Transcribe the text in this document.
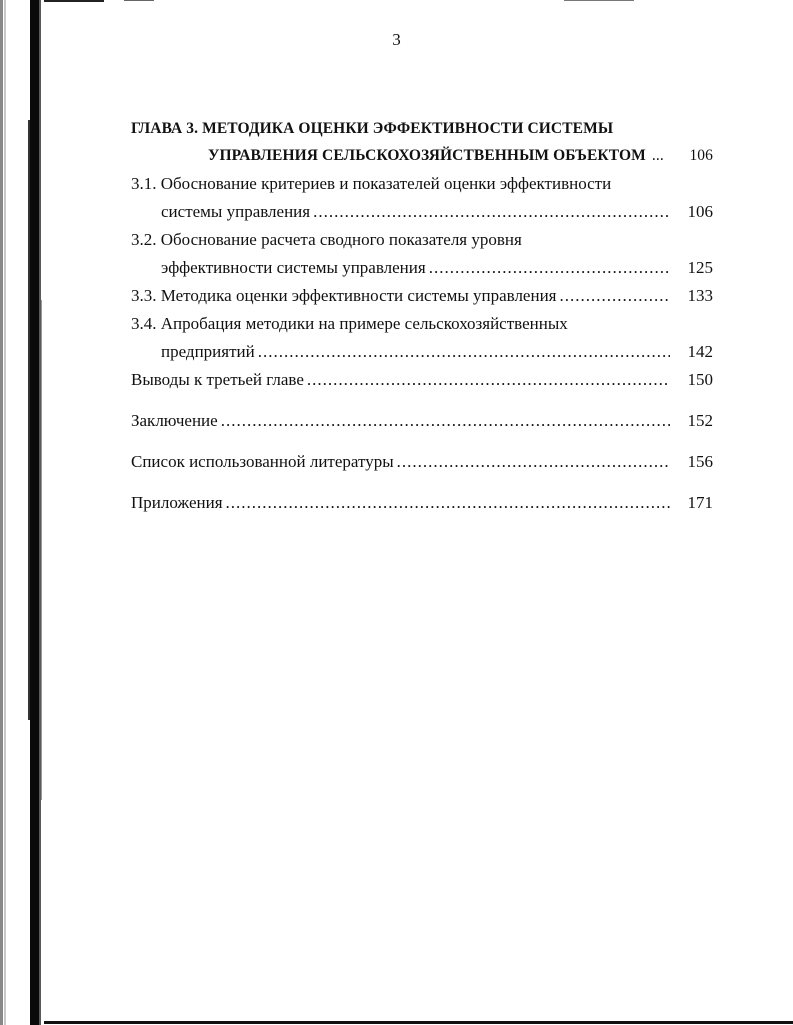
3
ГЛАВА 3. МЕТОДИКА ОЦЕНКИ ЭФФЕКТИВНОСТИ СИСТЕМЫ
УПРАВЛЕНИЯ СЕЛЬСКОХОЗЯЙСТВЕННЫМ ОБЪЕКТОМ ...	106
3.1. Обоснование критериев и показателей оценки эффективности
системы управления .....	106
3.2. Обоснование расчета сводного показателя уровня
эффективности системы управления .....	125
3.3. Методика оценки эффективности системы управления .....	133
3.4. Апробация методики на примере сельскохозяйственных
предприятий .....	142
Выводы к третьей главе .....	150
Заключение .....	152
Список использованной литературы .....	156
Приложения .....	171
